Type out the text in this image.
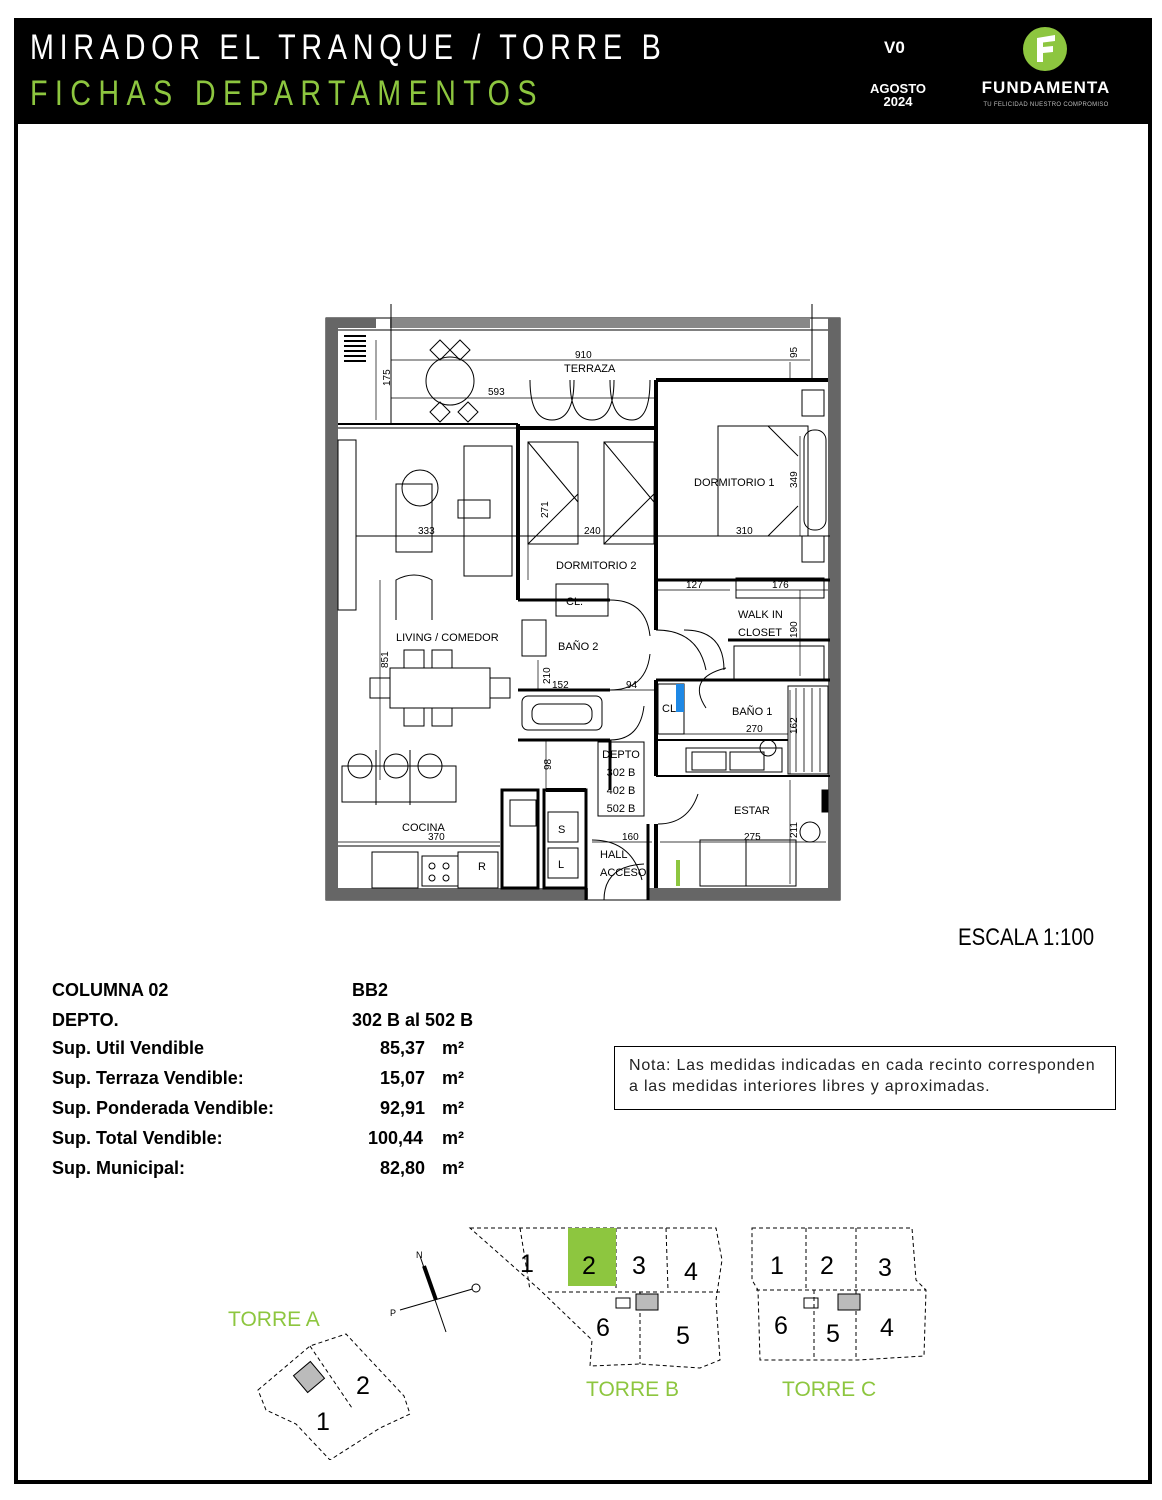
MIRADOR EL TRANQUE / TORRE B
FICHAS DEPARTAMENTOS
V0
AGOSTO
2024
FUNDAMENTA
TU FELICIDAD NUESTRO COMPROMISO
TERRAZA
DORMITORIO 1
DORMITORIO 2
WALK IN
CLOSET
BAÑO 1
BAÑO 2
LIVING / COMEDOR
COCINA
ESTAR
HALL
ACCESO
CL.
CL
S
L
R
DEPTO
302 B
402 B
502 B
910
593
240
333	310
127	176
152	94
270
370	160	275
95
175
271
349
190
851
210
162
98
211
ESCALA 1:100
COLUMNA 02	BB2
DEPTO.	302 B al 502 B
Sup. Util Vendible	85,37 m²
Sup. Terraza Vendible:	15,07 m²
Sup. Ponderada Vendible:	92,91 m²
Sup. Total Vendible:	100,44 m²
Sup. Municipal:	82,80 m²
Nota: Las medidas indicadas en cada recinto corresponden
a las medidas interiores libres y aproximadas.
N
P
1 2 3 4
5
6
1 2 3
4
5
6
1
2
TORRE A
TORRE B	TORRE C
